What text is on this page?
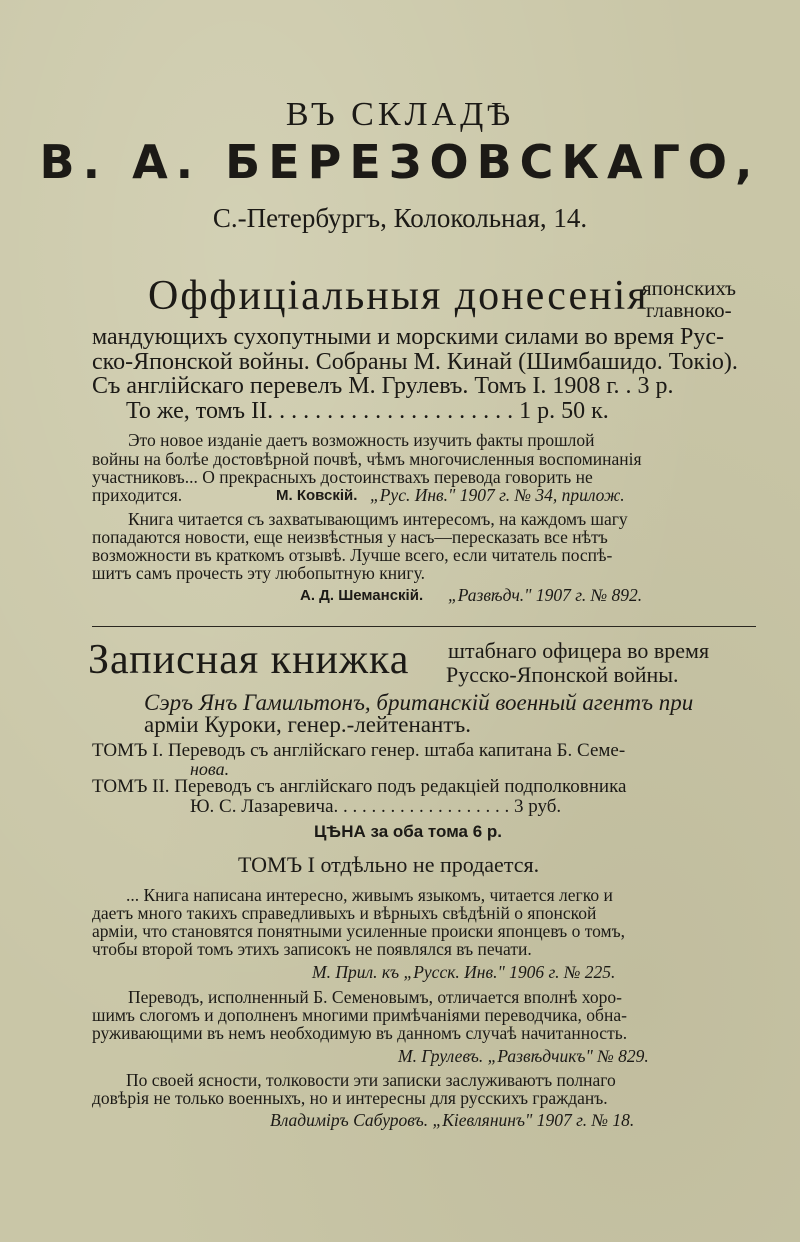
ВЪ СКЛАДѢ
В. А. БЕРЕЗОВСКАГО,
С.-Петербургъ, Колокольная, 14.
Оффиціальныя донесенія
японскихъ
главноко-
мандующихъ сухопутными и морскими силами во время Рус-
ско-Японской войны. Собраны М. Кинай (Шимбашидо. Токіо).
Съ англійскаго перевелъ М. Грулевъ. Томъ I. 1908 г. . 3 р.
То же, томъ II. . . . . . . . . . . . . . . . . . . . . 1 р. 50 к.
Это новое изданіе даетъ возможность изучить факты прошлой
войны на болѣе достовѣрной почвѣ, чѣмъ многочисленныя воспоминанія
участниковъ... О прекрасныхъ достоинствахъ перевода говорить не
приходится.	М. Ковскій. „Рус. Инв." 1907 г. № 34, прилож.
Книга читается съ захватывающимъ интересомъ, на каждомъ шагу
попадаются новости, еще неизвѣстныя у насъ—пересказать все нѣтъ
возможности въ краткомъ отзывѣ. Лучше всего, если читатель поспѣ-
шитъ самъ прочесть эту любопытную книгу.
А. Д. Шеманскій. „Развѣдч." 1907 г. № 892.
Записная книжка штабнаго офицера во время
Русско-Японской войны.
Сэръ Янъ Гамильтонъ, британскій военный агентъ при
арміи Куроки, генер.-лейтенантъ.
ТОМЪ I. Переводъ съ англійскаго генер. штаба капитана Б. Семе-
нова.
ТОМЪ II. Переводъ съ англійскаго подъ редакціей подполковника
Ю. С. Лазаревича. . . . . . . . . . . . . . . . . . . 3 руб.
ЦѢНА за оба тома 6 р.
ТОМЪ I отдѣльно не продается.
... Книга написана интересно, живымъ языкомъ, читается легко и
даетъ много такихъ справедливыхъ и вѣрныхъ свѣдѣній о японской
арміи, что становятся понятными усиленные происки японцевъ о томъ,
чтобы второй томъ этихъ записокъ не появлялся въ печати.
М. Прил. къ „Русск. Инв." 1906 г. № 225.
Переводъ, исполненный Б. Семеновымъ, отличается вполнѣ хоро-
шимъ слогомъ и дополненъ многими примѣчаніями переводчика, обна-
руживающими въ немъ необходимую въ данномъ случаѣ начитанность.
М. Грулевъ. „Развѣдчикъ" № 829.
По своей ясности, толковости эти записки заслуживаютъ полнаго
довѣрія не только военныхъ, но и интересны для русскихъ гражданъ.
Владиміръ Сабуровъ. „Кіевлянинъ" 1907 г. № 18.
